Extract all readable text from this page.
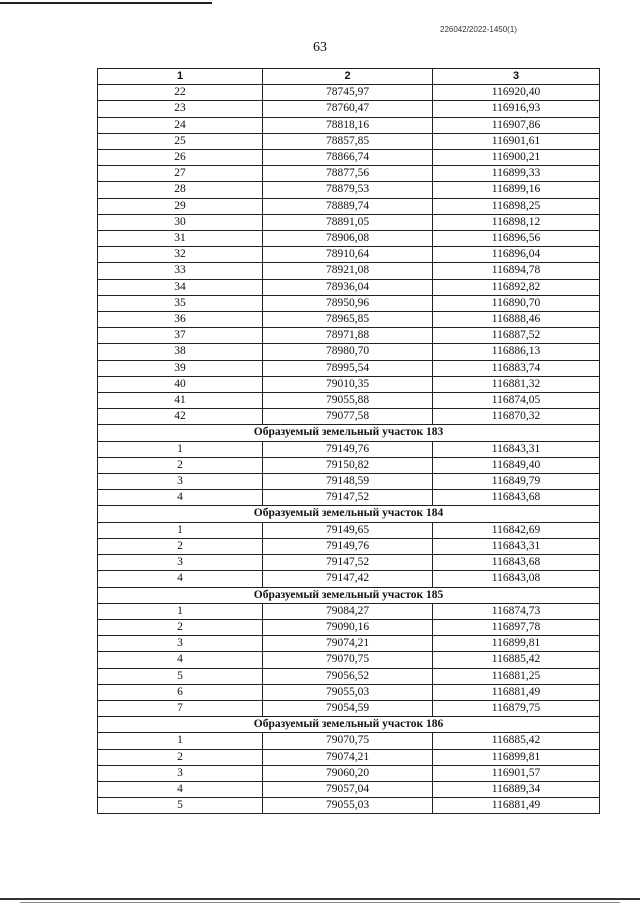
226042/2022-1450(1)
63
1	2	3
22	78745,97	116920,40
23	78760,47	116916,93
24	78818,16	116907,86
25	78857,85	116901,61
26	78866,74	116900,21
27	78877,56	116899,33
28	78879,53	116899,16
29	78889,74	116898,25
30	78891,05	116898,12
31	78906,08	116896,56
32	78910,64	116896,04
33	78921,08	116894,78
34	78936,04	116892,82
35	78950,96	116890,70
36	78965,85	116888,46
37	78971,88	116887,52
38	78980,70	116886,13
39	78995,54	116883,74
40	79010,35	116881,32
41	79055,88	116874,05
42	79077,58	116870,32
Образуемый земельный участок 183		
1	79149,76	116843,31
2	79150,82	116849,40
3	79148,59	116849,79
4	79147,52	116843,68
Образуемый земельный участок 184		
1	79149,65	116842,69
2	79149,76	116843,31
3	79147,52	116843,68
4	79147,42	116843,08
Образуемый земельный участок 185		
1	79084,27	116874,73
2	79090,16	116897,78
3	79074,21	116899,81
4	79070,75	116885,42
5	79056,52	116881,25
6	79055,03	116881,49
7	79054,59	116879,75
Образуемый земельный участок 186		
1	79070,75	116885,42
2	79074,21	116899,81
3	79060,20	116901,57
4	79057,04	116889,34
5	79055,03	116881,49
